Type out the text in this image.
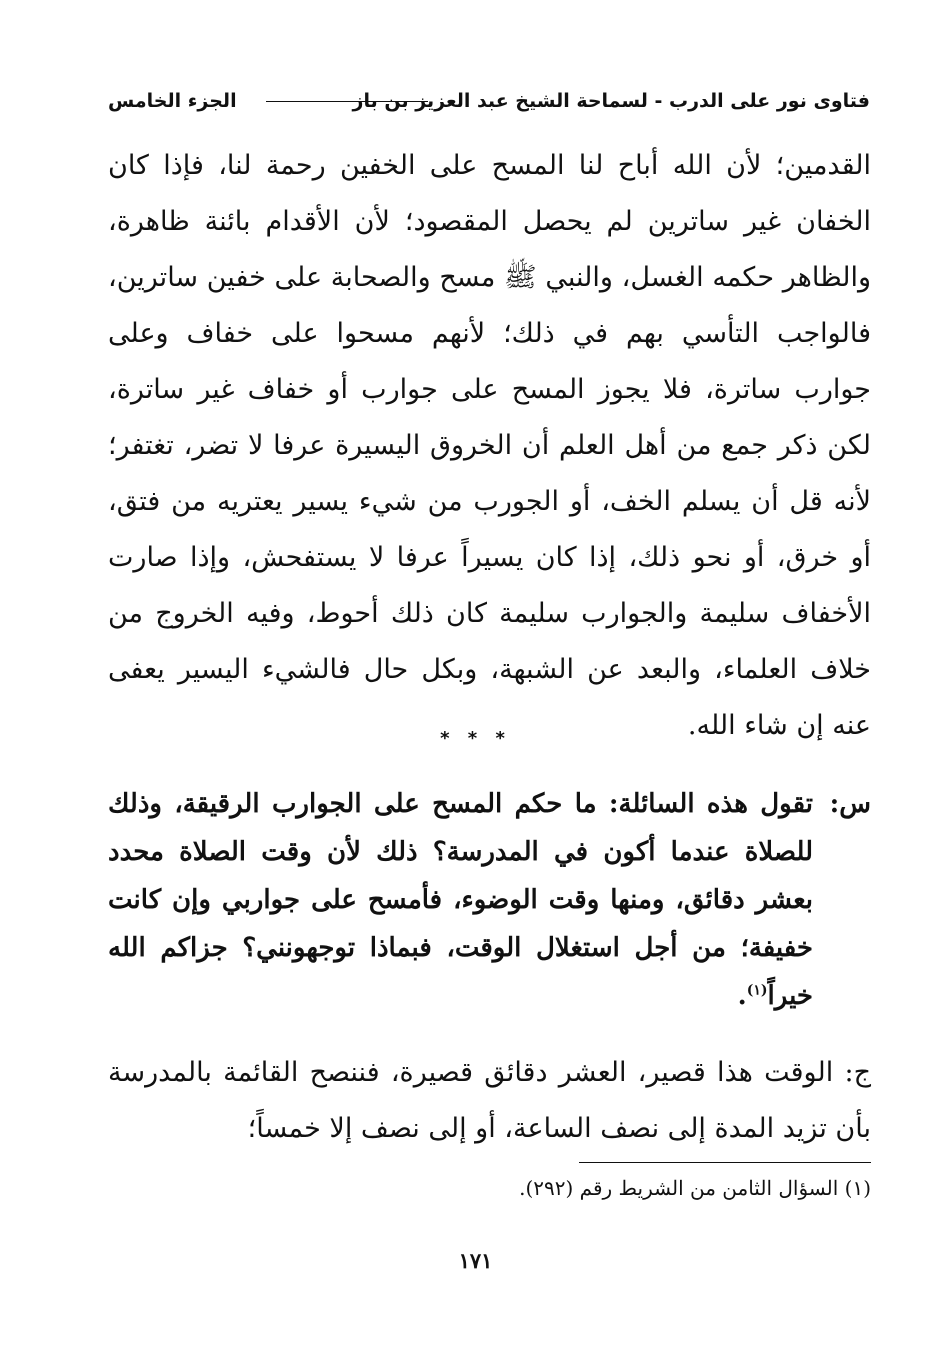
فتاوى نور على الدرب - لسماحة الشيخ عبد العزيز بن باز
الجزء الخامس
القدمين؛ لأن الله أباح لنا المسح على الخفين رحمة لنا، فإذا كان الخفان غير ساترين لم يحصل المقصود؛ لأن الأقدام بائنة ظاهرة، والظاهر حكمه الغسل، والنبي ﷺ مسح والصحابة على خفين ساترين، فالواجب التأسي بهم في ذلك؛ لأنهم مسحوا على خفاف وعلى جوارب ساترة، فلا يجوز المسح على جوارب أو خفاف غير ساترة، لكن ذكر جمع من أهل العلم أن الخروق اليسيرة عرفا لا تضر، تغتفر؛ لأنه قل أن يسلم الخف، أو الجورب من شيء يسير يعتريه من فتق، أو خرق، أو نحو ذلك، إذا كان يسيراً عرفا لا يستفحش، وإذا صارت الأخفاف سليمة والجوارب سليمة كان ذلك أحوط، وفيه الخروج من خلاف العلماء، والبعد عن الشبهة، وبكل حال فالشيء اليسير يعفى عنه إن شاء الله.
* * *
س:
تقول هذه السائلة: ما حكم المسح على الجوارب الرقيقة، وذلك للصلاة عندما أكون في المدرسة؟ ذلك لأن وقت الصلاة محدد بعشر دقائق، ومنها وقت الوضوء، فأمسح على جواربي وإن كانت خفيفة؛ من أجل استغلال الوقت، فبماذا توجهونني؟ جزاكم الله خيراً$^{(١)}$.
ج: الوقت هذا قصير، العشر دقائق قصيرة، فننصح القائمة بالمدرسة بأن تزيد المدة إلى نصف الساعة، أو إلى نصف إلا خمساً؛
(١) السؤال الثامن من الشريط رقم (٢٩٢).
١٧١
